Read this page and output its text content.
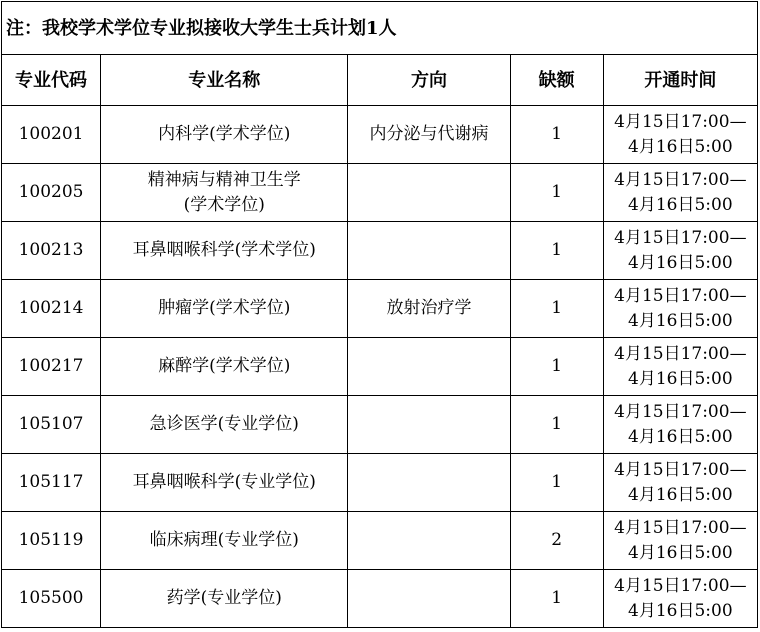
注：我校学术学位专业拟接收大学生士兵计划1人				
专业代码	专业名称	方向	缺额	开通时间
100201	内科学(学术学位)	内分泌与代谢病	1	4月15日17:00—
4月16日5:00

100205	精神病与精神卫生学
(学术学位)		1	4月15日17:00—
4月16日5:00

100213	耳鼻咽喉科学(学术学位)		1	4月15日17:00—
4月16日5:00

100214	肿瘤学(学术学位)	放射治疗学	1	4月15日17:00—
4月16日5:00

100217	麻醉学(学术学位)		1	4月15日17:00—
4月16日5:00

105107	急诊医学(专业学位)		1	4月15日17:00—
4月16日5:00

105117	耳鼻咽喉科学(专业学位)		1	4月15日17:00—
4月16日5:00

105119	临床病理(专业学位)		2	4月15日17:00—
4月16日5:00

105500	药学(专业学位)		1	4月15日17:00—
4月16日5:00
